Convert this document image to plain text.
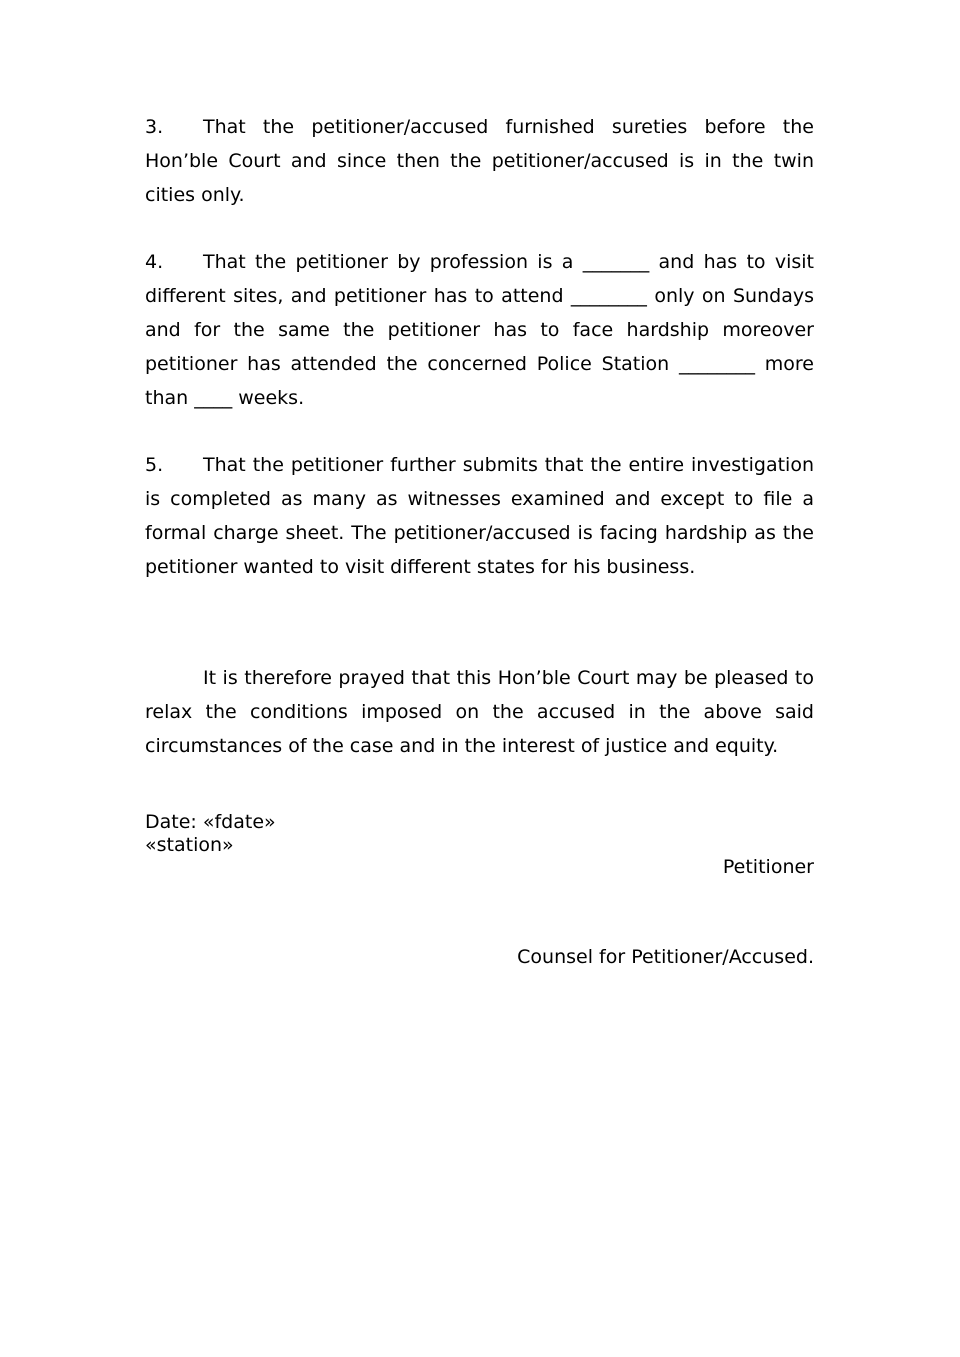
3. That the petitioner/accused furnished sureties before the Hon’ble Court and since then the petitioner/accused is in the twin cities only.

4. That the petitioner by profession is a _______ and has to visit different sites, and petitioner has to attend ________ only on Sundays and for the same the petitioner has to face hardship moreover petitioner has attended the concerned Police Station ________ more than ____ weeks.

5. That the petitioner further submits that the entire investigation is completed as many as witnesses examined and except to file a formal charge sheet. The petitioner/accused is facing hardship as the petitioner wanted to visit different states for his business.

It is therefore prayed that this Hon’ble Court may be pleased to relax the conditions imposed on the accused in the above said circumstances of the case and in the interest of justice and equity.

Date: «fdate»
«station»
Petitioner
Counsel for Petitioner/Accused.
